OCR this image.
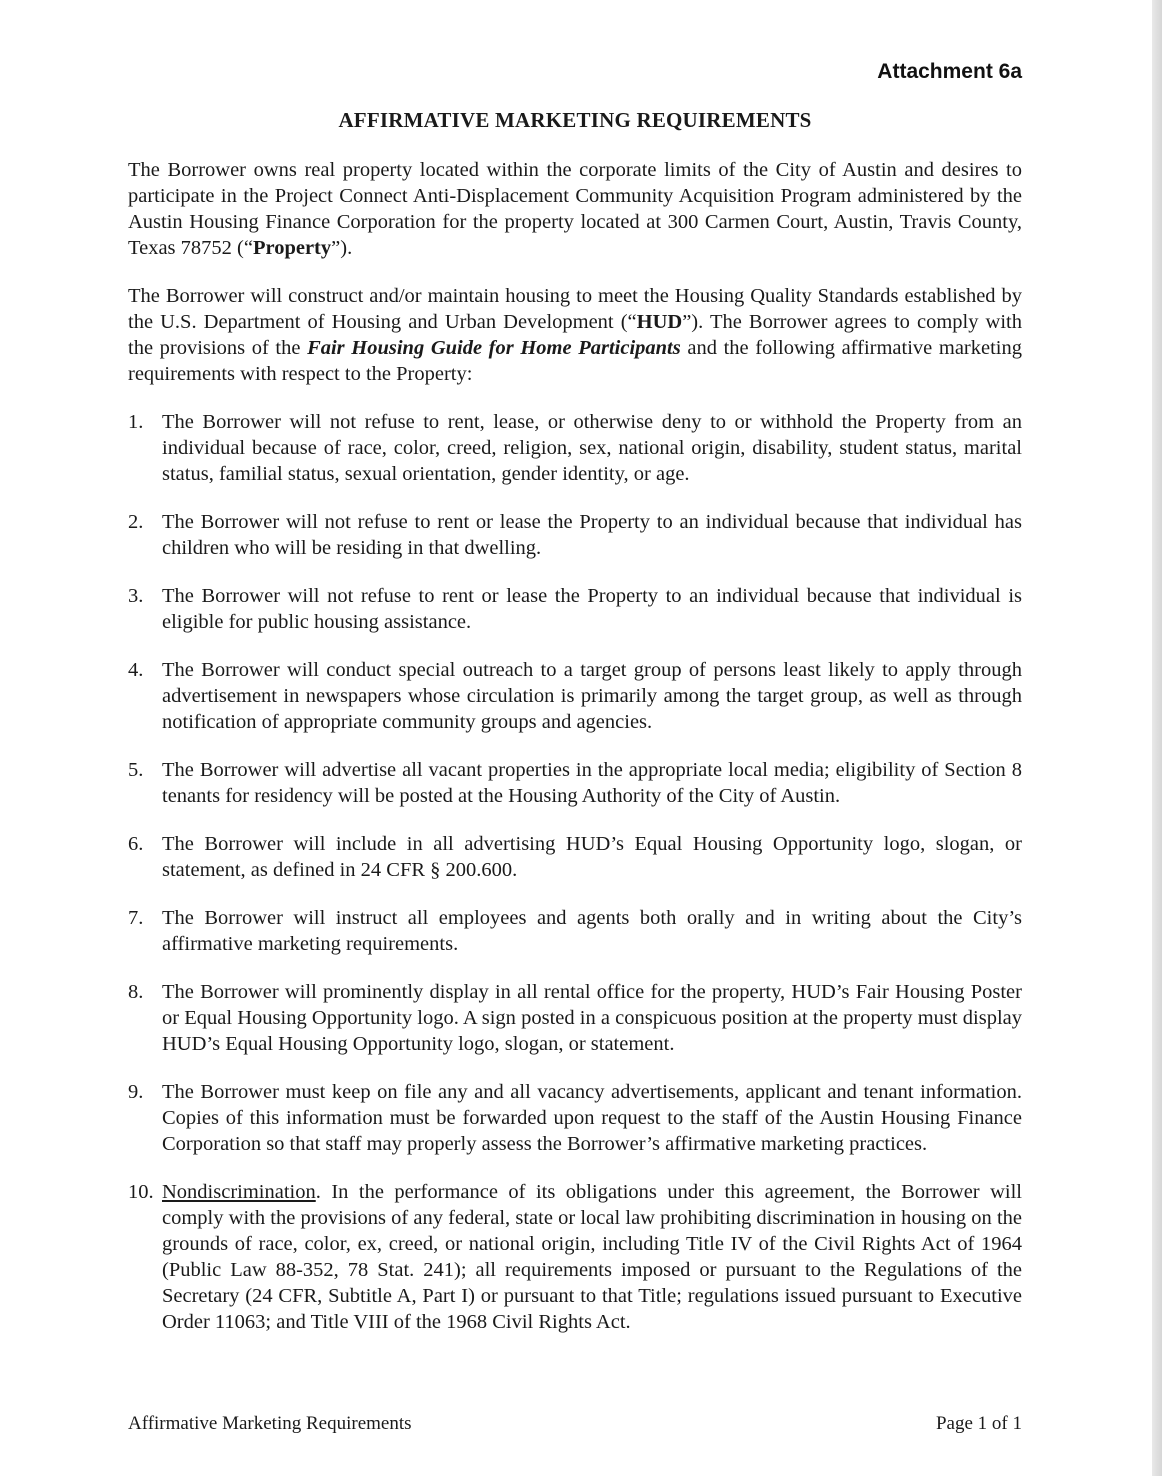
Attachment 6a
AFFIRMATIVE MARKETING REQUIREMENTS

The Borrower owns real property located within the corporate limits of the City of Austin and desires to participate in the Project Connect Anti-Displacement Community Acquisition Program administered by the Austin Housing Finance Corporation for the property located at 300 Carmen Court, Austin, Travis County, Texas 78752 (“Property”).

The Borrower will construct and/or maintain housing to meet the Housing Quality Standards established by the U.S. Department of Housing and Urban Development (“HUD”). The Borrower agrees to comply with the provisions of the Fair Housing Guide for Home Participants and the following affirmative marketing requirements with respect to the Property:

1. The Borrower will not refuse to rent, lease, or otherwise deny to or withhold the Property from an individual because of race, color, creed, religion, sex, national origin, disability, student status, marital status, familial status, sexual orientation, gender identity, or age.
2. The Borrower will not refuse to rent or lease the Property to an individual because that individual has children who will be residing in that dwelling.
3. The Borrower will not refuse to rent or lease the Property to an individual because that individual is eligible for public housing assistance.
4. The Borrower will conduct special outreach to a target group of persons least likely to apply through advertisement in newspapers whose circulation is primarily among the target group, as well as through notification of appropriate community groups and agencies.
5. The Borrower will advertise all vacant properties in the appropriate local media; eligibility of Section 8 tenants for residency will be posted at the Housing Authority of the City of Austin.
6. The Borrower will include in all advertising HUD’s Equal Housing Opportunity logo, slogan, or statement, as defined in 24 CFR § 200.600.
7. The Borrower will instruct all employees and agents both orally and in writing about the City’s affirmative marketing requirements.
8. The Borrower will prominently display in all rental office for the property, HUD’s Fair Housing Poster or Equal Housing Opportunity logo. A sign posted in a conspicuous position at the property must display HUD’s Equal Housing Opportunity logo, slogan, or statement.
9. The Borrower must keep on file any and all vacancy advertisements, applicant and tenant information. Copies of this information must be forwarded upon request to the staff of the Austin Housing Finance Corporation so that staff may properly assess the Borrower’s affirmative marketing practices.
10. Nondiscrimination. In the performance of its obligations under this agreement, the Borrower will comply with the provisions of any federal, state or local law prohibiting discrimination in housing on the grounds of race, color, ex, creed, or national origin, including Title IV of the Civil Rights Act of 1964 (Public Law 88-352, 78 Stat. 241); all requirements imposed or pursuant to the Regulations of the Secretary (24 CFR, Subtitle A, Part I) or pursuant to that Title; regulations issued pursuant to Executive Order 11063; and Title VIII of the 1968 Civil Rights Act.
Affirmative Marketing Requirements	Page 1 of 1
